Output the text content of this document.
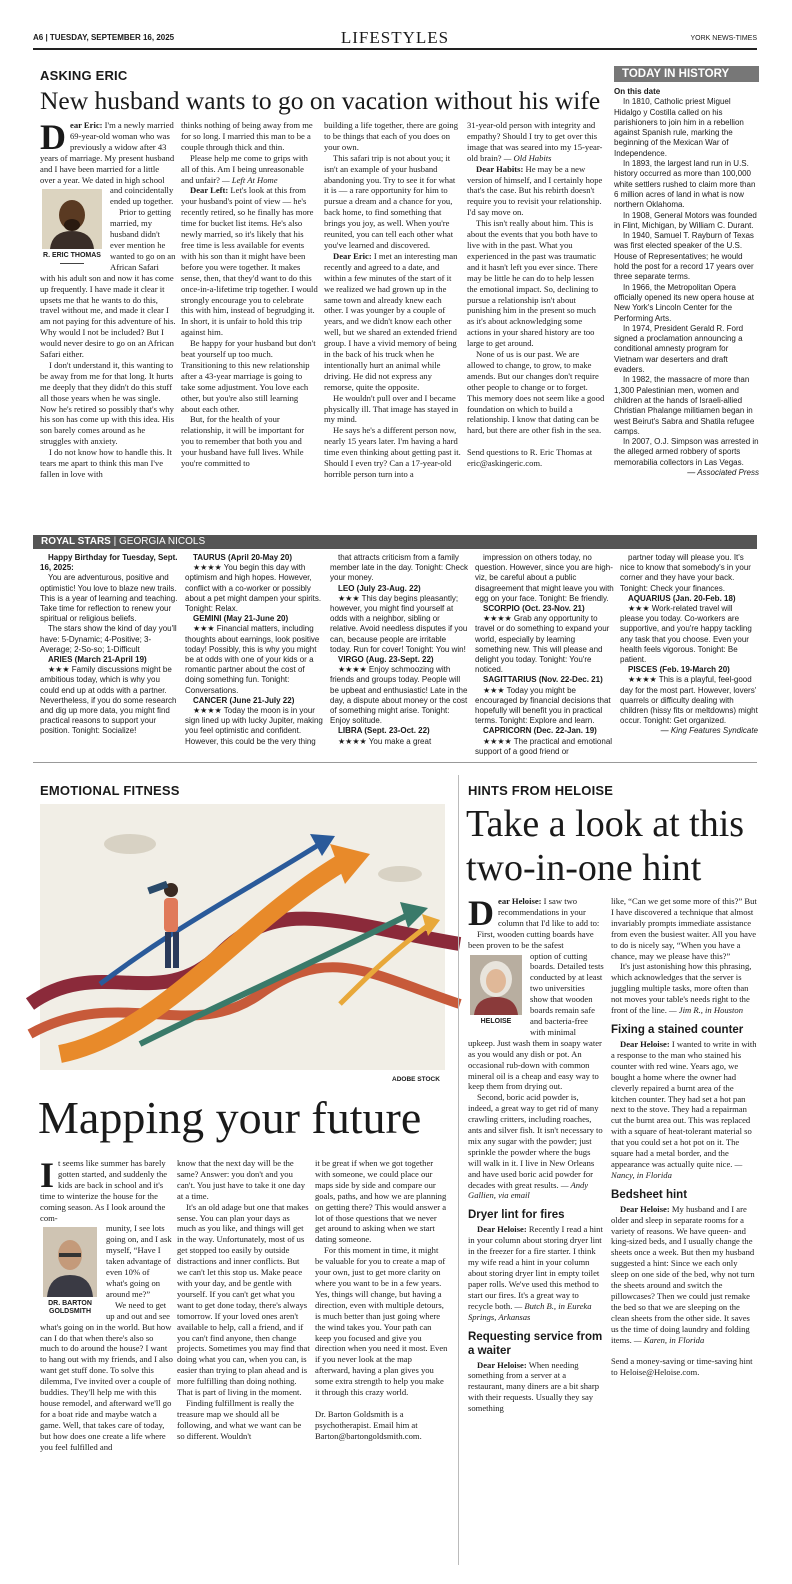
A6 | TUESDAY, SEPTEMBER 16, 2025	LIFESTYLES	YORK NEWS-TIMES
ASKING ERIC
New husband wants to go on vacation without his wife

Dear Eric: I'm a newly married 69-year-old woman who was previously a widow after 43 years of marriage. My present husband and I have been married for a little over a year. We dated in high school

R. ERIC THOMAS

and coincidentally ended up together.

Prior to getting married, my husband didn't ever mention he wanted to go on an African Safari with his adult son and now it has come up frequently. I have made it clear it upsets me that he wants to do this, travel without me, and made it clear I am not paying for this adventure of his. Why would I not be included? But I would never desire to go on an African Safari either.

I don't understand it, this wanting to be away from me for that long. It hurts me deeply that they didn't do this stuff all those years when he was single. Now he's retired so possibly that's why his son has come up with this idea. His son barely comes around as he struggles with anxiety.

I do not know how to handle this. It tears me apart to think this man I've fallen in love with

thinks nothing of being away from me for so long. I married this man to be a couple through thick and thin.

Please help me come to grips with all of this. Am I being unreasonable and unfair? — Left At Home

Dear Left: Let's look at this from your husband's point of view — he's recently retired, so he finally has more time for bucket list items. He's also newly married, so it's likely that his free time is less available for events with his son than it might have been before you were together. It makes sense, then, that they'd want to do this once-in-a-lifetime trip together. I would strongly encourage you to celebrate this with him, instead of begrudging it. In short, it is unfair to hold this trip against him.

Be happy for your husband but don't beat yourself up too much. Transitioning to this new relationship after a 43-year marriage is going to take some adjustment. You love each other, but you're also still learning about each other.

But, for the health of your relationship, it will be important for you to remember that both you and your husband have full lives. While you're committed to

building a life together, there are going to be things that each of you does on your own.

This safari trip is not about you; it isn't an example of your husband abandoning you. Try to see it for what it is — a rare opportunity for him to pursue a dream and a chance for you, back home, to find something that brings you joy, as well. When you're reunited, you can tell each other what you've learned and discovered.

Dear Eric: I met an interesting man recently and agreed to a date, and within a few minutes of the start of it we realized we had grown up in the same town and already knew each other. I was younger by a couple of years, and we didn't know each other well, but we shared an extended friend group. I have a vivid memory of being in the back of his truck when he intentionally hurt an animal while driving. He did not express any remorse, quite the opposite.

He wouldn't pull over and I became physically ill. That image has stayed in my mind.

He says he's a different person now, nearly 15 years later. I'm having a hard time even thinking about getting past it. Should I even try? Can a 17-year-old horrible person turn into a

31-year-old person with integrity and empathy? Should I try to get over this image that was seared into my 15-year-old brain? — Old Habits

Dear Habits: He may be a new version of himself, and I certainly hope that's the case. But his rebirth doesn't require you to revisit your relationship. I'd say move on.

This isn't really about him. This is about the events that you both have to live with in the past. What you experienced in the past was traumatic and it hasn't left you ever since. There may be little he can do to help lessen the emotional impact. So, declining to pursue a relationship isn't about punishing him in the present so much as it's about acknowledging some actions in your shared history are too large to get around.

None of us is our past. We are allowed to change, to grow, to make amends. But our changes don't require other people to change or to forget. This memory does not seem like a good foundation on which to build a relationship. I know that dating can be hard, but there are other fish in the sea.

Send questions to R. Eric Thomas at eric@askingeric.com.

TODAY IN HISTORY

On this date

In 1810, Catholic priest Miguel Hidalgo y Costilla called on his parishioners to join him in a rebellion against Spanish rule, marking the beginning of the Mexican War of Independence.

In 1893, the largest land run in U.S. history occurred as more than 100,000 white settlers rushed to claim more than 6 million acres of land in what is now northern Oklahoma.

In 1908, General Motors was founded in Flint, Michigan, by William C. Durant.

In 1940, Samuel T. Rayburn of Texas was first elected speaker of the U.S. House of Representatives; he would hold the post for a record 17 years over three separate terms.

In 1966, the Metropolitan Opera officially opened its new opera house at New York's Lincoln Center for the Performing Arts.

In 1974, President Gerald R. Ford signed a proclamation announcing a conditional amnesty program for Vietnam war deserters and draft evaders.

In 1982, the massacre of more than 1,300 Palestinian men, women and children at the hands of Israeli-allied Christian Phalange militiamen began in west Beirut's Sabra and Shatila refugee camps.

In 2007, O.J. Simpson was arrested in the alleged armed robbery of sports memorabilia collectors in Las Vegas.

— Associated Press

ROYAL STARS | GEORGIA NICOLS

Happy Birthday for Tuesday, Sept. 16, 2025:

You are adventurous, positive and optimistic! You love to blaze new trails. This is a year of learning and teaching. Take time for reflection to renew your spiritual or religious beliefs.

The stars show the kind of day you'll have: 5-Dynamic; 4-Positive; 3-Average; 2-So-so; 1-Difficult

ARIES (March 21-April 19)

★★★ Family discussions might be ambitious today, which is why you could end up at odds with a partner. Nevertheless, if you do some research and dig up more data, you might find practical reasons to support your position. Tonight: Socialize!

TAURUS (April 20-May 20)

★★★★ You begin this day with optimism and high hopes. However, conflict with a co-worker or possibly about a pet might dampen your spirits. Tonight: Relax.

GEMINI (May 21-June 20)

★★★ Financial matters, including thoughts about earnings, look positive today! Possibly, this is why you might be at odds with one of your kids or a romantic partner about the cost of doing something fun. Tonight: Conversations.

CANCER (June 21-July 22)

★★★★ Today the moon is in your sign lined up with lucky Jupiter, making you feel optimistic and confident. However, this could be the very thing

that attracts criticism from a family member late in the day. Tonight: Check your money.

LEO (July 23-Aug. 22)

★★★ This day begins pleasantly; however, you might find yourself at odds with a neighbor, sibling or relative. Avoid needless disputes if you can, because people are irritable today. Run for cover! Tonight: You win!

VIRGO (Aug. 23-Sept. 22)

★★★★ Enjoy schmoozing with friends and groups today. People will be upbeat and enthusiastic! Late in the day, a dispute about money or the cost of something might arise. Tonight: Enjoy solitude.

LIBRA (Sept. 23-Oct. 22)

★★★★ You make a great

impression on others today, no question. However, since you are high-viz, be careful about a public disagreement that might leave you with egg on your face. Tonight: Be friendly.

SCORPIO (Oct. 23-Nov. 21)

★★★★ Grab any opportunity to travel or do something to expand your world, especially by learning something new. This will please and delight you today. Tonight: You're noticed.

SAGITTARIUS (Nov. 22-Dec. 21)

★★★ Today you might be encouraged by financial decisions that hopefully will benefit you in practical terms. Tonight: Explore and learn.

CAPRICORN (Dec. 22-Jan. 19)

★★★★ The practical and emotional support of a good friend or

partner today will please you. It's nice to know that somebody's in your corner and they have your back. Tonight: Check your finances.

AQUARIUS (Jan. 20-Feb. 18)

★★★ Work-related travel will please you today. Co-workers are supportive, and you're happy tackling any task that you choose. Even your health feels vigorous. Tonight: Be patient.

PISCES (Feb. 19-March 20)

★★★★ This is a playful, feel-good day for the most part. However, lovers' quarrels or difficulty dealing with children (hissy fits or meltdowns) might occur. Tonight: Get organized.

— King Features Syndicate

EMOTIONAL FITNESS
ADOBE STOCK
Mapping your future

It seems like summer has barely gotten started, and suddenly the kids are back in school and it's time to winterize the house for the coming season. As I look around the com-

DR. BARTON GOLDSMITH

munity, I see lots going on, and I ask myself, “Have I taken advantage of even 10% of what's going on around me?”

We need to get up and out and see what's going on in the world. But how can I do that when there's also so much to do around the house? I want to hang out with my friends, and I also want get stuff done. To solve this dilemma, I've invited over a couple of buddies. They'll help me with this house remodel, and afterward we'll go for a boat ride and maybe watch a game. Well, that takes care of today, but how does one create a life where you feel fulfilled and

know that the next day will be the same? Answer: you don't and you can't. You just have to take it one day at a time.

It's an old adage but one that makes sense. You can plan your days as much as you like, and things will get in the way. Unfortunately, most of us get stopped too easily by outside distractions and inner conflicts. But we can't let this stop us. Make peace with your day, and be gentle with yourself. If you can't get what you want to get done today, there's always tomorrow. If your loved ones aren't available to help, call a friend, and if you can't find anyone, then change projects. Sometimes you may find that doing what you can, when you can, is easier than trying to plan ahead and is more fulfilling than doing nothing. That is part of living in the moment.

Finding fulfillment is really the treasure map we should all be following, and what we want can be so different. Wouldn't

it be great if when we got together with someone, we could place our maps side by side and compare our goals, paths, and how we are planning on getting there? This would answer a lot of those questions that we never get around to asking when we start dating someone.

For this moment in time, it might be valuable for you to create a map of your own, just to get more clarity on where you want to be in a few years. Yes, things will change, but having a direction, even with multiple detours, is much better than just going where the wind takes you. Your path can keep you focused and give you direction when you need it most. Even if you never look at the map afterward, having a plan gives you some extra strength to help you make it through this crazy world.

Dr. Barton Goldsmith is a psychotherapist. Email him at Barton@bartongoldsmith.com.

HINTS FROM HELOISE
Take a look at this two-in-one hint

Dear Heloise: I saw two recommendations in your column that I'd like to add to:

First, wooden cutting boards have been proven to be the safest

HELOISE

option of cutting boards. Detailed tests conducted by at least two universities show that wooden boards remain safe and bacteria-free with minimal upkeep. Just wash them in soapy water as you would any dish or pot. An occasional rub-down with common mineral oil is a cheap and easy way to keep them from drying out.

Second, boric acid powder is, indeed, a great way to get rid of many crawling critters, including roaches, ants and silver fish. It isn't necessary to mix any sugar with the powder; just sprinkle the powder where the bugs will walk in it. I live in New Orleans and have used boric acid powder for decades with great results. — Andy Gallien, via email

Dryer lint for fires

Dear Heloise: Recently I read a hint in your column about storing dryer lint in the freezer for a fire starter. I think my wife read a hint in your column about storing dryer lint in empty toilet paper rolls. We've used this method to start our fires. It's a great way to recycle both. — Butch B., in Eureka Springs, Arkansas

Requesting service from a waiter

Dear Heloise: When needing something from a server at a restaurant, many diners are a bit sharp with their requests. Usually they say something

like, “Can we get some more of this?” But I have discovered a technique that almost invariably prompts immediate assistance from even the busiest waiter. All you have to do is nicely say, “When you have a chance, may we please have this?”

It's just astonishing how this phrasing, which acknowledges that the server is juggling multiple tasks, more often than not moves your table's needs right to the front of the line. — Jim R., in Houston

Fixing a stained counter

Dear Heloise: I wanted to write in with a response to the man who stained his counter with red wine. Years ago, we bought a home where the owner had cleverly repaired a burnt area of the kitchen counter. They had set a hot pan next to the stove. They had a repairman cut the burnt area out. This was replaced with a square of heat-tolerant material so that you could set a hot pot on it. The square had a metal border, and the appearance was actually quite nice. — Nancy, in Florida

Bedsheet hint

Dear Heloise: My husband and I are older and sleep in separate rooms for a variety of reasons. We have queen- and king-sized beds, and I usually change the sheets once a week. But then my husband suggested a hint: Since we each only sleep on one side of the bed, why not turn the sheets around and switch the pillowcases? Then we could just remake the bed so that we are sleeping on the clean sheets from the other side. It saves us the time of doing laundry and folding items. — Karen, in Florida

Send a money-saving or time-saving hint to Heloise@Heloise.com.
